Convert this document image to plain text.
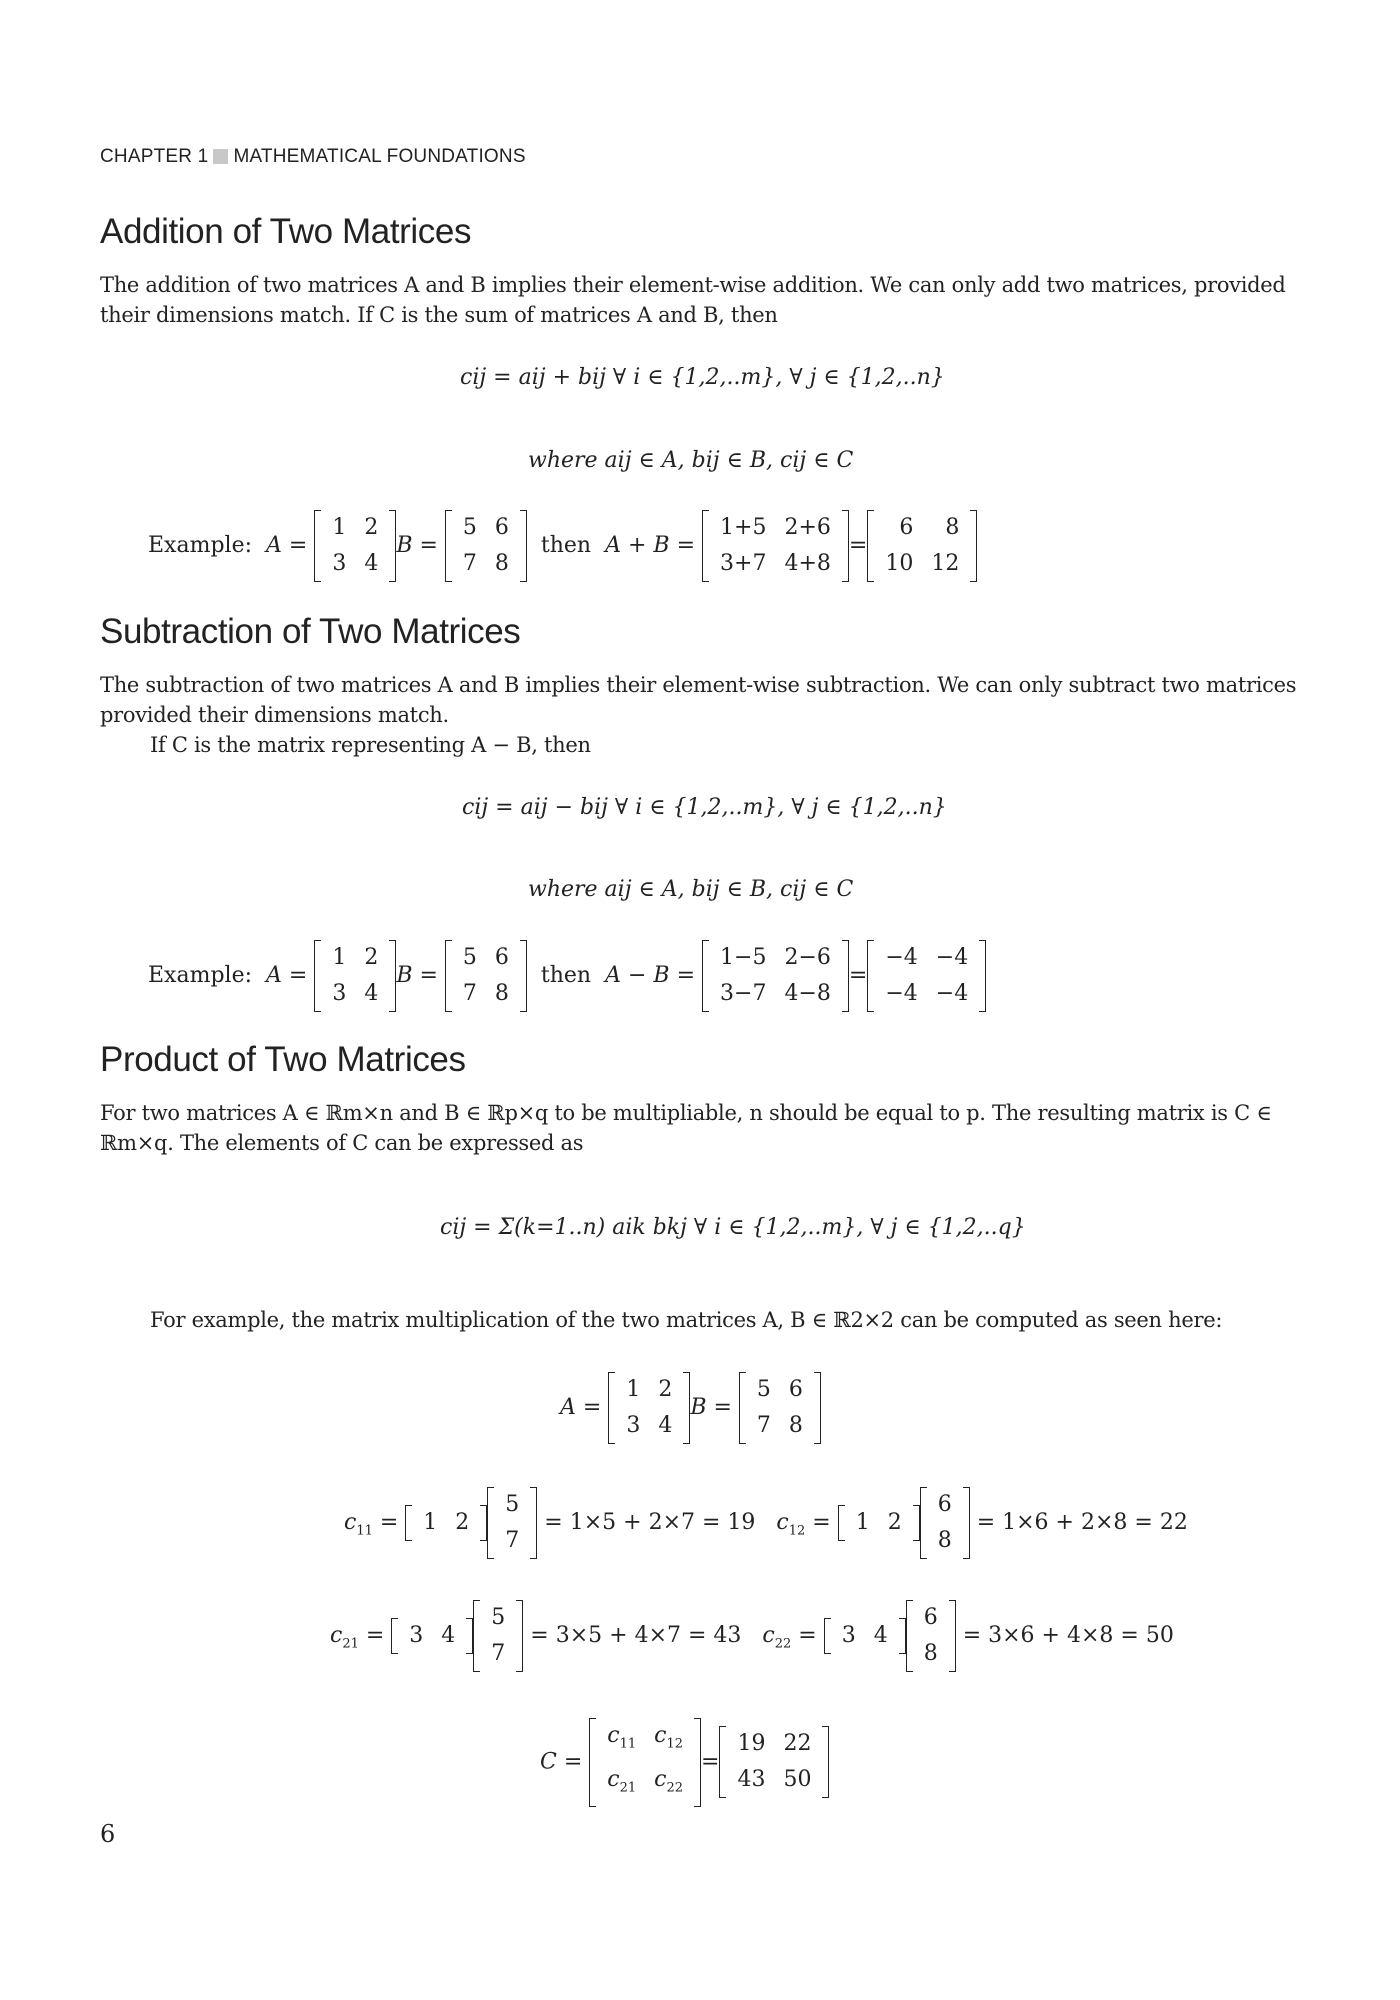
CHAPTER 1 MATHEMATICAL FOUNDATIONS
Addition of Two Matrices

The addition of two matrices A and B implies their element-wise addition. We can only add two matrices, provided their dimensions match. If C is the sum of matrices A and B, then

cij = aij + bij ∀ i ∈ {1,2,..m}, ∀ j ∈ {1,2,..n}
where aij ∈ A, bij ∈ B, cij ∈ C
Example: A =
1	2
3	4
B =
5	6
7	8
then A + B =
1+5	2+6
3+7	4+8
=
6	8
10	12
Subtraction of Two Matrices

The subtraction of two matrices A and B implies their element-wise subtraction. We can only subtract two matrices provided their dimensions match.

If C is the matrix representing A − B, then

cij = aij − bij ∀ i ∈ {1,2,..m}, ∀ j ∈ {1,2,..n}
where aij ∈ A, bij ∈ B, cij ∈ C
Example: A =
1	2
3	4
B =
5	6
7	8
then A − B =
1−5	2−6
3−7	4−8
=
−4	−4
−4	−4
Product of Two Matrices

For two matrices A ∈ ℝm×n and B ∈ ℝp×q to be multipliable, n should be equal to p. The resulting matrix is C ∈ ℝm×q. The elements of C can be expressed as

cij = Σ(k=1..n) aik bkj ∀ i ∈ {1,2,..m}, ∀ j ∈ {1,2,..q}

For example, the matrix multiplication of the two matrices A, B ∈ ℝ2×2 can be computed as seen here:

A =
1	2
3	4
B =
5	6
7	8
$c_{11} = 1$	2
5
7
= 1×5 + 2×7 = 19 $c_{12} = 1$	2
6
8
= 1×6 + 2×8 = 22
$c_{21} = 3$	4
5
7
= 3×5 + 4×7 = 43 $c_{22} = 3$	4
6
8
= 3×6 + 4×8 = 50
C =
$c_{11}$	$c_{12}$
$c_{21}$	$c_{22}$
=
19	22
43	50
6
